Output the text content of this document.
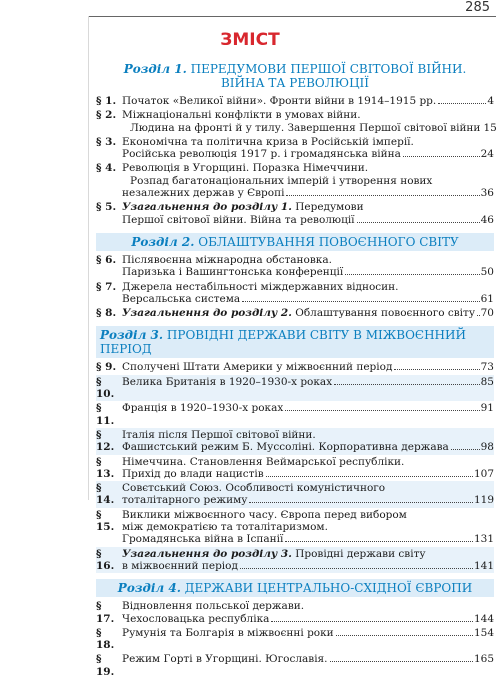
285
ЗМІСТ
Розділ 1. ПЕРЕДУМОВИ ПЕРШОЇ СВІТОВОЇ ВІЙНИ.
ВІЙНА ТА РЕВОЛЮЦІЇ
§ 1. Початок «Великої війни». Фронти війни в 1914–1915 рр.	4
§ 2. Міжнаціональні конфлікти в умовах війни.
Людина на фронті й у тилу. Завершення Першої світової війни 15
§ 3. Економічна та політична криза в Російській імперії.
Російська революція 1917 р. і громадянська війна	24
§ 4. Революція в Угорщині. Поразка Німеччини.
Розпад багатонаціональних імперій і утворення нових
незалежних держав у Європі	36
§ 5. Узагальнення до розділу 1. Передумови
Першої світової війни. Війна та революції	46
Розділ 2. ОБЛАШТУВАННЯ ПОВОЄННОГО СВІТУ
§ 6. Післявоєнна міжнародна обстановка.
Паризька і Вашингтонська конференції	50
§ 7. Джерела нестабільності міждержавних відносин.
Версальська система	61
§ 8. Узагальнення до розділу 2. Облаштування повоєнного світу 70
Розділ 3. ПРОВІДНІ ДЕРЖАВИ СВІТУ В МІЖВОЄННИЙ ПЕРІОД
§ 9. Сполучені Штати Америки у міжвоєнний період	73
§ 10.
Велика Британія в 1920–1930-х роках	85
§ 11.
Франція в 1920–1930-х роках	91
§ 12.
Італія після Першої світової війни.
Фашистський режим Б. Муссоліні. Корпоративна держава	98
§ 13.
Німеччина. Становлення Веймарської республіки.
Прихід до влади нацистів	107
§ 14.
Совєтський Союз. Особливості комуністичного
тоталітарного режиму	119
§ 15.
Виклики міжвоєнного часу. Європа перед вибором
між демократією та тоталітаризмом.
Громадянська війна в Іспанії	131
§ 16.
Узагальнення до розділу 3. Провідні держави світу
в міжвоєнний період	141
Розділ 4. ДЕРЖАВИ ЦЕНТРАЛЬНО-СХІДНОЇ ЄВРОПИ
§ 17.
Відновлення польської держави.
Чехословацька республіка	144
§ 18.
Румунія та Болгарія в міжвоєнні роки	154
§ 19.
Режим Горті в Угорщині. Югославія.	165
